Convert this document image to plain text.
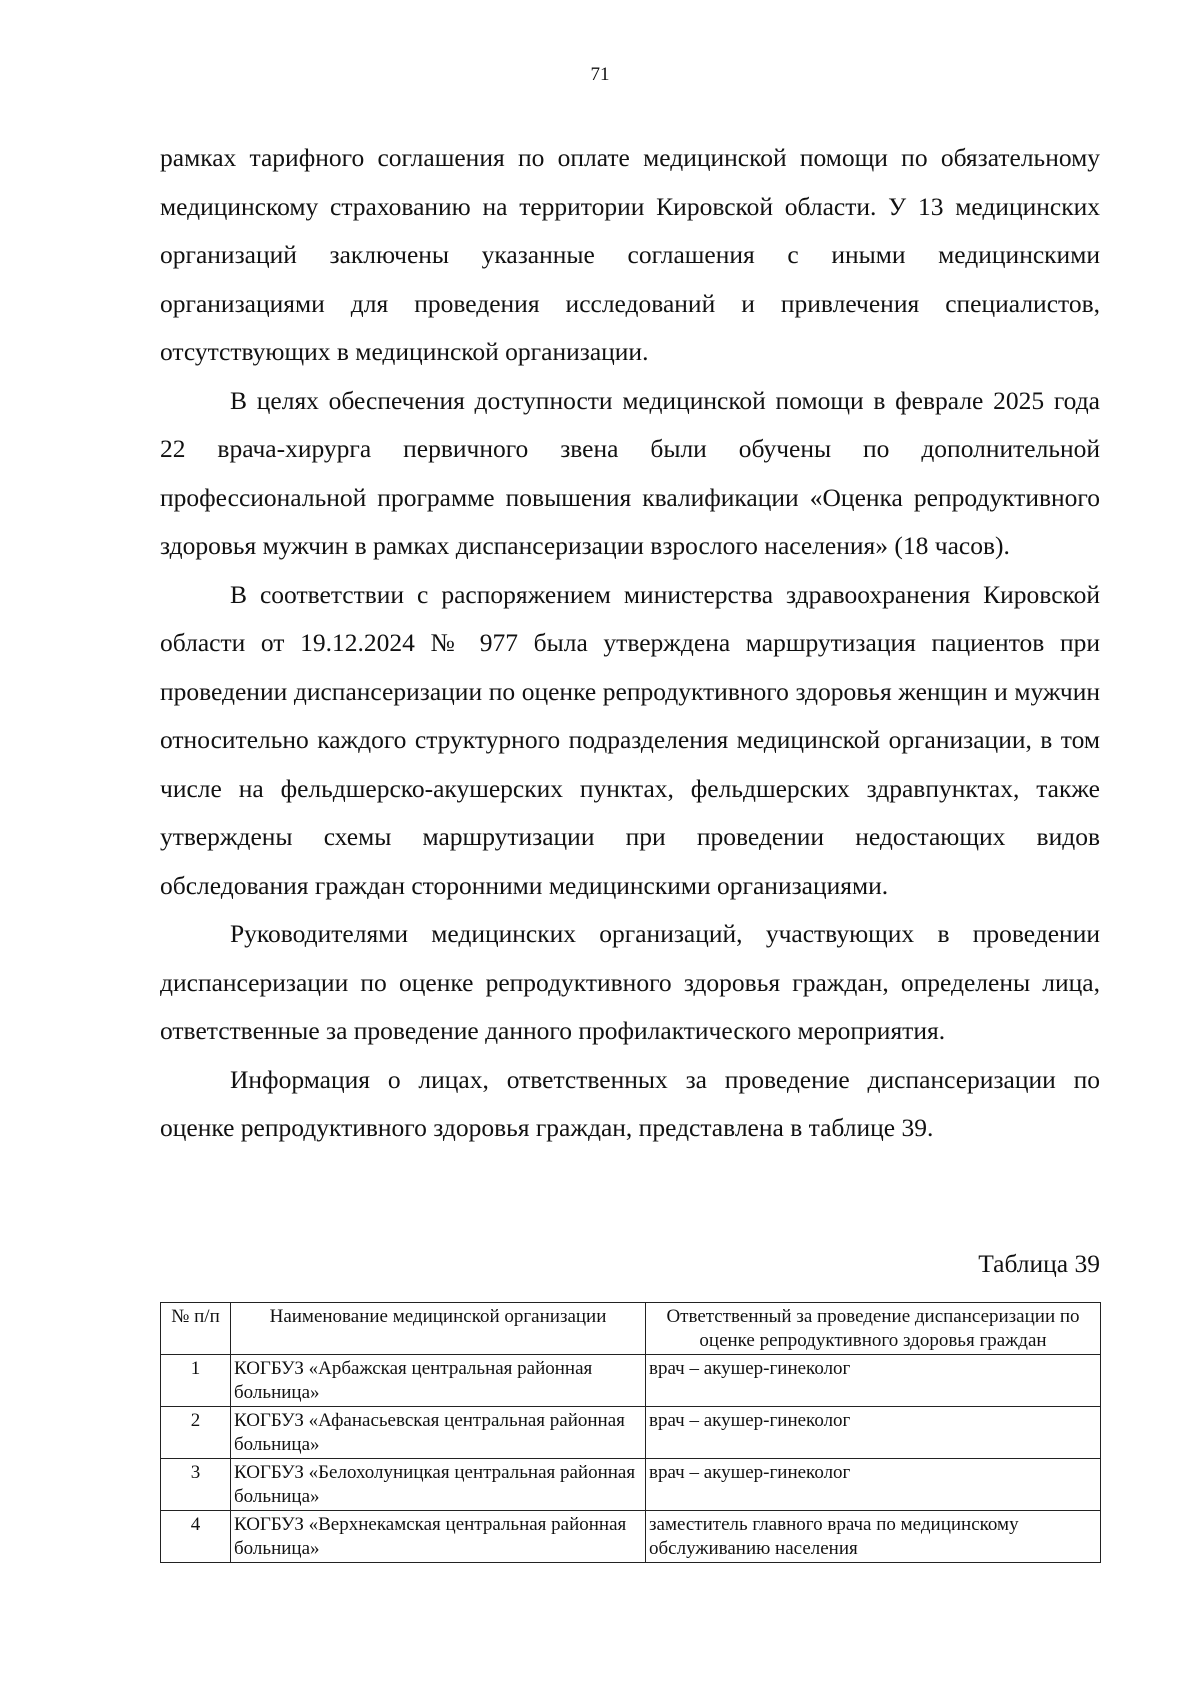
71

рамках тарифного соглашения по оплате медицинской помощи по обязательному медицинскому страхованию на территории Кировской области. У 13 медицинских организаций заключены указанные соглашения с иными медицинскими организациями для проведения исследований и привлечения специалистов, отсутствующих в медицинской организации.

В целях обеспечения доступности медицинской помощи в феврале 2025 года 22 врача-хирурга первичного звена были обучены по дополнительной профессиональной программе повышения квалификации «Оценка репродуктивного здоровья мужчин в рамках диспансеризации взрослого населения» (18 часов).

В соответствии с распоряжением министерства здравоохранения Кировской области от 19.12.2024 № 977 была утверждена маршрутизация пациентов при проведении диспансеризации по оценке репродуктивного здоровья женщин и мужчин относительно каждого структурного подразделения медицинской организации, в том числе на фельдшерско-акушерских пунктах, фельдшерских здравпунктах, также утверждены схемы маршрутизации при проведении недостающих видов обследования граждан сторонними медицинскими организациями.

Руководителями медицинских организаций, участвующих в проведении диспансеризации по оценке репродуктивного здоровья граждан, определены лица, ответственные за проведение данного профилактического мероприятия.

Информация о лицах, ответственных за проведение диспансеризации по оценке репродуктивного здоровья граждан, представлена в таблице 39.

Таблица 39
№ п/п	Наименование медицинской организации	Ответственный за проведение диспансеризации по оценке репродуктивного здоровья граждан
1	КОГБУЗ «Арбажская центральная районная больница»	врач – акушер-гинеколог
2	КОГБУЗ «Афанасьевская центральная районная больница»	врач – акушер-гинеколог
3	КОГБУЗ «Белохолуницкая центральная районная больница»	врач – акушер-гинеколог
4	КОГБУЗ «Верхнекамская центральная районная больница»	заместитель главного врача по медицинскому обслуживанию населения
